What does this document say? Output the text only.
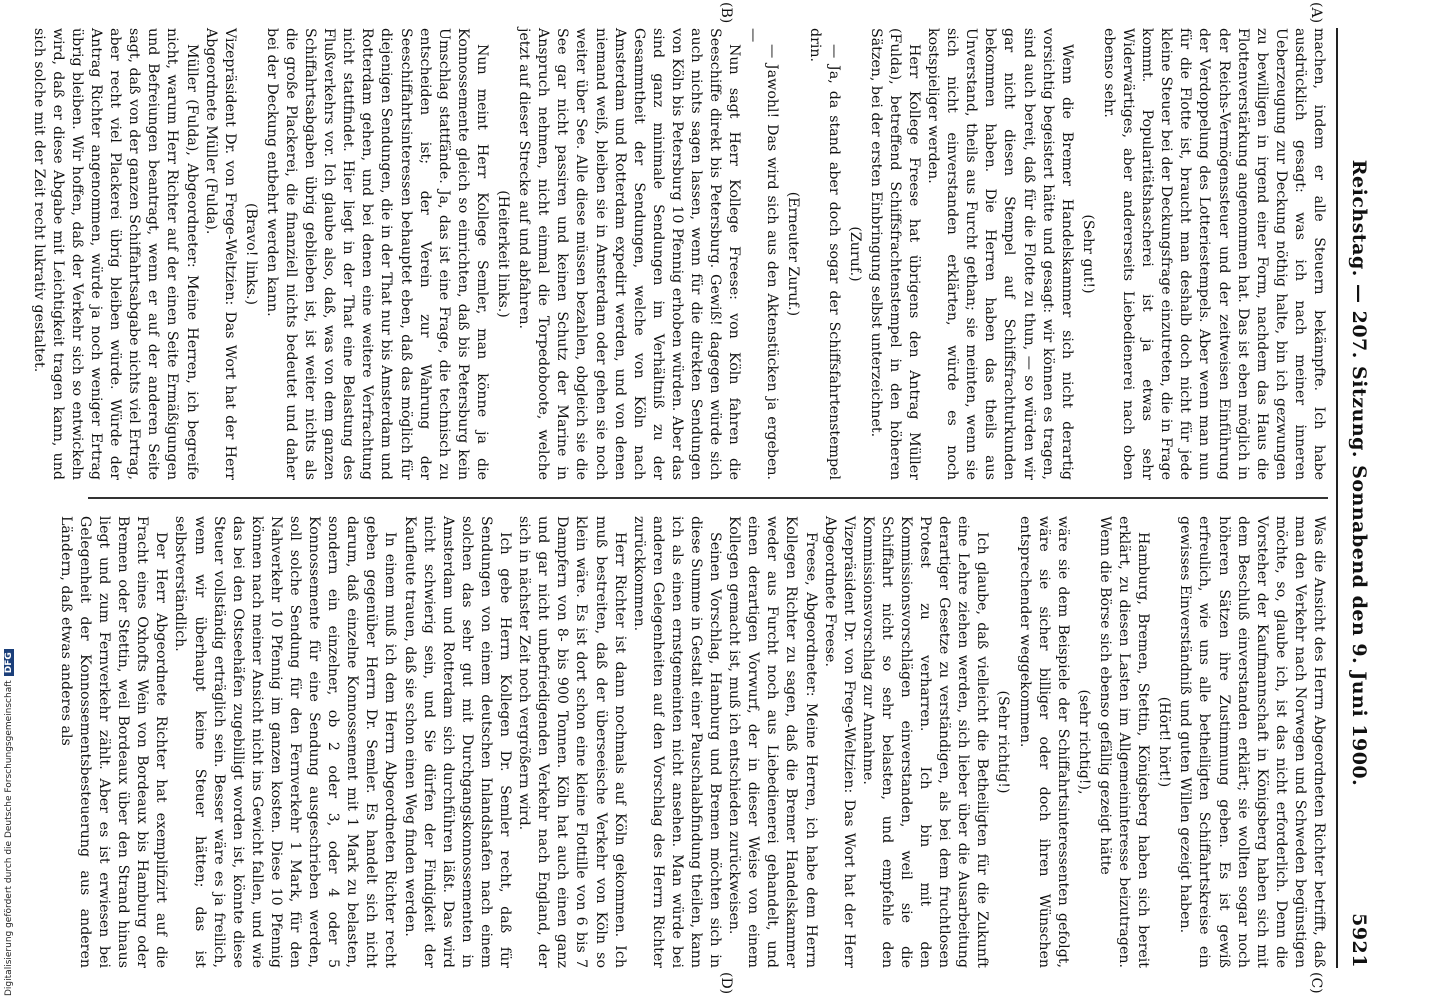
Reichstag. — 207. Sitzung. Sonnabend den 9. Juni 1900.
5921
(A)
(B)
(C)
(D)

machen, indem er alle Steuern bekämpfte. Ich habe ausdrücklich gesagt: was ich nach meiner inneren Ueberzeugung zur Deckung nöthig halte, bin ich gezwungen zu bewilligen in irgend einer Form, nachdem das Haus die Flottenverstärkung angenommen hat. Das ist eben möglich in der Reichs-Vermögenssteuer und der zeitweisen Einführung der Verdoppelung des Lotteriestempels. Aber wenn man nun für die Flotte ist, braucht man deshalb doch nicht für jede kleine Steuer bei der Deckungsfrage einzutreten, die in Frage kommt. Popularitätshascherei ist ja etwas sehr Widerwärtiges, aber andererseits Liebedienerei nach oben ebenso sehr.

(Sehr gut!)

Wenn die Bremer Handelskammer sich nicht derartig vorsichtig begeistert hätte und gesagt: wir können es tragen, sind auch bereit, daß für die Flotte zu thun, — so würden wir gar nicht diesen Stempel auf Schiffsfrachturkunden bekommen haben. Die Herren haben das theils aus Unverstand, theils aus Furcht gethan; sie meinten, wenn sie sich nicht einverstanden erklärten, würde es noch kostspieliger werden.

Herr Kollege Freese hat übrigens den Antrag Müller (Fulda), betreffend Schiffsfrachtenstempel in den höheren Sätzen, bei der ersten Einbringung selbst unterzeichnet.

(Zuruf.)

— Ja, da stand aber doch sogar der Schiffsfahrtenstempel drin.

(Erneuter Zuruf.)

— Jawohl! Das wird sich aus den Aktenstücken ja ergeben. —

Nun sagt Herr Kollege Freese: von Köln fahren die Seeschiffe direkt bis Petersburg. Gewiß! dagegen würde sich auch nichts sagen lassen, wenn für die direkten Sendungen von Köln bis Petersburg 10 Pfennig erhoben würden. Aber das sind ganz minimale Sendungen im Verhältniß zu der Gesammtheit der Sendungen, welche von Köln nach Amsterdam und Rotterdam expedirt werden, und von denen niemand weiß, bleiben sie in Amsterdam oder gehen sie noch weiter über See. Alle diese müssen bezahlen, obgleich sie die See gar nicht passiren und keinen Schutz der Marine in Anspruch nehmen, nicht einmal die Torpedoboote, welche jetzt auf dieser Strecke auf und abfahren.

(Heiterkeit links.)

Nun meint Herr Kollege Semler, man könne ja die Konnossemente gleich so einrichten, daß bis Petersburg kein Umschlag stattfände. Ja, das ist eine Frage, die technisch zu entscheiden ist; der Verein zur Wahrung der Seeschiffahrtsinteressen behauptet eben, daß das möglich für diejenigen Sendungen, die in der That nur bis Amsterdam und Rotterdam gehen, und bei denen eine weitere Verfrachtung nicht stattfindet. Hier liegt in der That eine Belastung des Flußverkehrs vor. Ich glaube also, daß, was von dem ganzen Schiffahrtsabgaben übrig geblieben ist, ist weiter nichts als die große Plackerei, die finanziell nichts bedeutet und daher bei der Deckung entbehrt werden kann.

(Bravo! links.)

Vizepräsident Dr. von Frege-Weltzien: Das Wort hat der Herr Abgeordnete Müller (Fulda).

Müller (Fulda), Abgeordneter: Meine Herren, ich begreife nicht, warum Herr Richter auf der einen Seite Ermäßigungen und Befreiungen beantragt, wenn er auf der anderen Seite sagt, daß von der ganzen Schiffahrtsabgabe nichts viel Ertrag, aber recht viel Plackerei übrig bleiben würde. Würde der Antrag Richter angenommen, würde ja noch weniger Ertrag übrig bleiben. Wir hoffen, daß der Verkehr sich so entwickeln wird, daß er diese Abgabe mit Leichtigkeit tragen kann, und sich solche mit der Zeit recht lukrativ gestaltet.

Was die Ansicht des Herrn Abgeordneten Richter betrifft, daß man den Verkehr nach Norwegen und Schweden begünstigen möchte, so, glaube ich, ist das nicht erforderlich. Denn die Vorsteher der Kaufmannschaft in Königsberg haben sich mit dem Beschluß einverstanden erklärt; sie wollten sogar noch höheren Sätzen ihre Zustimmung geben. Es ist gewiß erfreulich, wie uns alle betheiligten Schiffahrtskreise ein gewisses Einverständniß und guten Willen gezeigt haben.

(Hört! hört!)

Hamburg, Bremen, Stettin, Königsberg haben sich bereit erklärt, zu diesen Lasten im Allgemeininteresse beizutragen. Wenn die Börse sich ebenso gefällig gezeigt hätte

(sehr richtig!),

wäre sie dem Beispiele der Schiffahrtsinteressenten gefolgt, wäre sie sicher billiger oder doch ihren Wünschen entsprechender weggekommen.

(Sehr richtig!)

Ich glaube, daß vielleicht die Betheiligten für die Zukunft eine Lehre ziehen werden, sich lieber über die Ausarbeitung derartiger Gesetze zu verständigen, als bei dem fruchtlosen Protest zu verharren. Ich bin mit den Kommissionsvorschlägen einverstanden, weil sie die Schiffahrt nicht so sehr belasten, und empfehle den Kommissionsvorschlag zur Annahme.

Vizepräsident Dr. von Frege-Weltzien: Das Wort hat der Herr Abgeordnete Freese.

Freese, Abgeordneter: Meine Herren, ich habe dem Herrn Kollegen Richter zu sagen, daß die Bremer Handelskammer weder aus Furcht noch aus Liebedienerei gehandelt, und einen derartigen Vorwurf, der in dieser Weise von einem Kollegen gemacht ist, muß ich entschieden zurückweisen.

Seinen Vorschlag, Hamburg und Bremen möchten sich in diese Summe in Gestalt einer Pauschalabfindung theilen, kann ich als einen ernstgemeinten nicht ansehen. Man würde bei anderen Gelegenheiten auf den Vorschlag des Herrn Richter zurückkommen.

Herr Richter ist dann nochmals auf Köln gekommen. Ich muß bestreiten, daß der überseeische Verkehr von Köln so klein wäre. Es ist dort schon eine kleine Flottille von 6 bis 7 Dampfern von 8- bis 900 Tonnen. Köln hat auch einen ganz und gar nicht unbefriedigenden Verkehr nach England, der sich in nächster Zeit noch vergrößern wird.

Ich gebe Herrn Kollegen Dr. Semler recht, daß für Sendungen von einem deutschen Inlandshafen nach einem solchen das sehr gut mit Durchgangskonnossementen in Amsterdam und Rotterdam sich durchführen läßt. Das wird nicht schwierig sein, und Sie dürfen der Findigkeit der Kaufleute trauen, daß sie schon einen Weg finden werden.

In einem muß ich dem Herrn Abgeordneten Richter recht geben gegenüber Herrn Dr. Semler. Es handelt sich nicht darum, daß einzelne Konnossement mit 1 Mark zu belasten, sondern ein einzelner, ob 2 oder 3, oder 4 oder 5 Konnossemente für eine Sendung ausgeschrieben werden, soll solche Sendung für den Fernverkehr 1 Mark, für den Nahverkehr 10 Pfennig im ganzen kosten. Diese 10 Pfennig können nach meiner Ansicht nicht ins Gewicht fallen, und wie das bei den Ostseehäfen zugebilligt worden ist, könnte diese Steuer vollständig erträglich sein. Besser wäre es ja freilich, wenn wir überhaupt keine Steuer hätten; das ist selbstverständlich.

Der Herr Abgeordnete Richter hat exemplifizirt auf die Fracht eines Oxhofts Wein von Bordeaux bis Hamburg oder Bremen oder Stettin, weil Bordeaux über den Strand hinaus liegt und zum Fernverkehr zählt. Aber es ist erwiesen bei Gelegenheit der Konnossementsbesteuerung aus anderen Ländern, daß etwas anderes als

Digitalisierung gefördert durch die Deutsche ForschungsgemeinschaftDFG
